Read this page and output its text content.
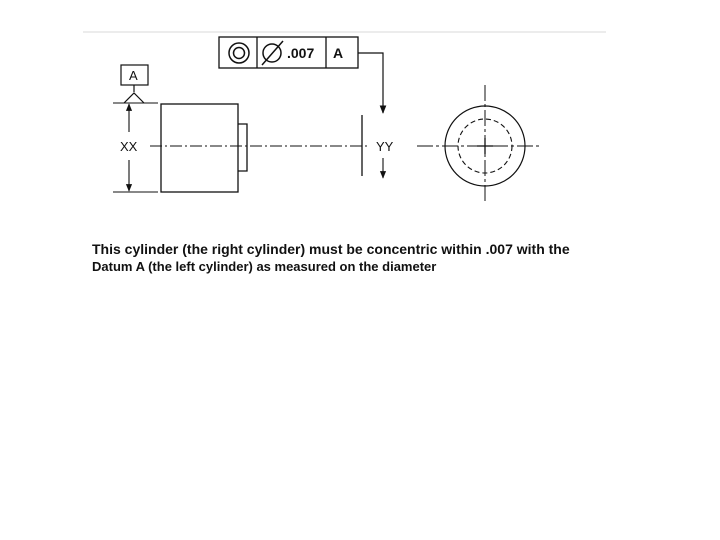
.007 A
A
XX	YY
This cylinder (the right cylinder) must be concentric within .007 with the
Datum A (the left cylinder) as measured on the diameter
